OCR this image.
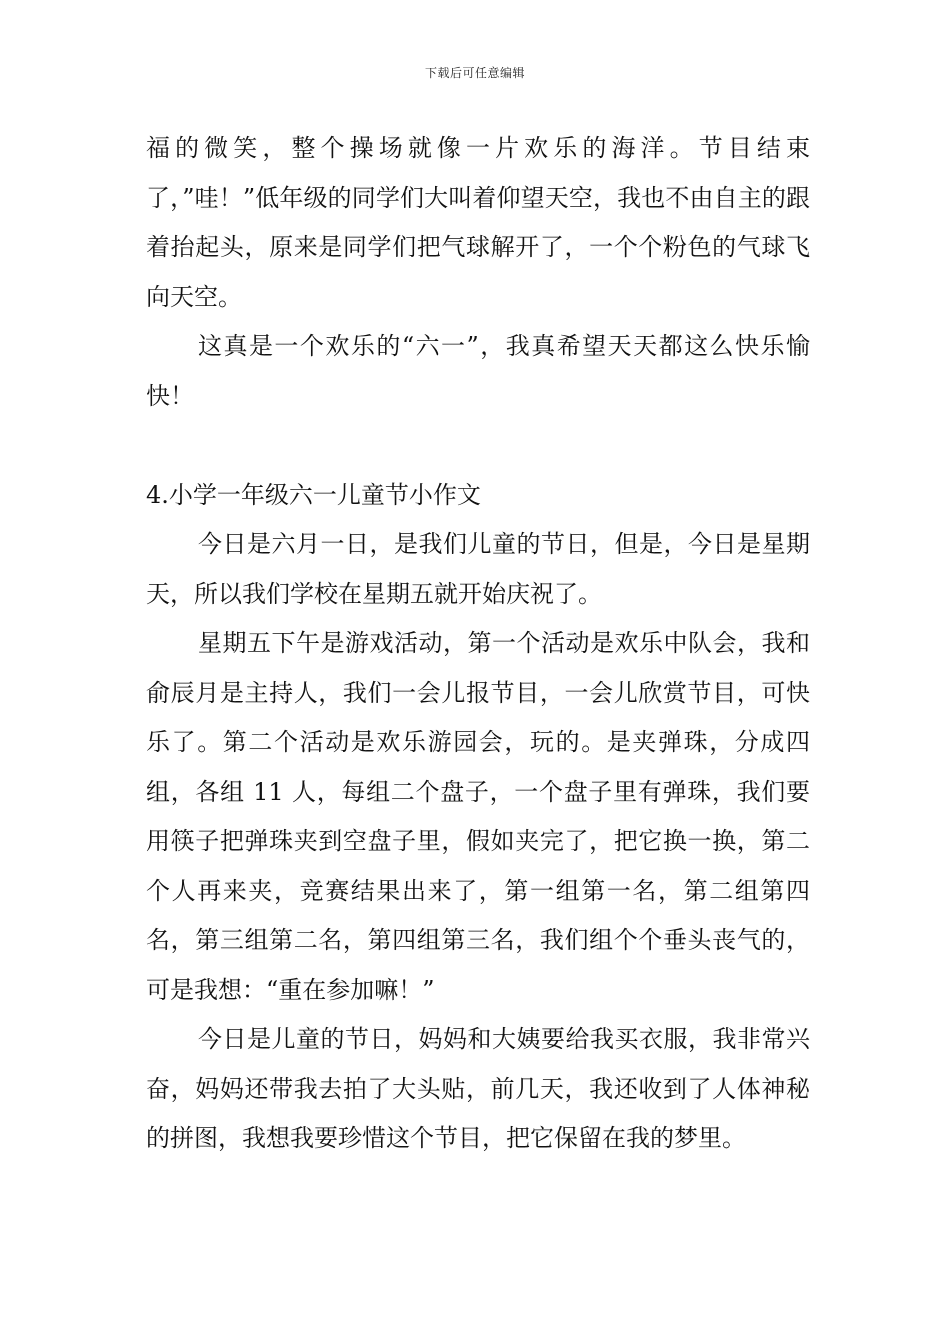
下载后可任意编辑

福的微笑，整个操场就像一片欢乐的海洋。节目结束了，”哇！”低年级的同学们大叫着仰望天空，我也不由自主的跟着抬起头，原来是同学们把气球解开了，一个个粉色的气球飞向天空。

这真是一个欢乐的“六一”，我真希望天天都这么快乐愉快！

4.小学一年级六一儿童节小作文

今日是六月一日，是我们儿童的节日，但是，今日是星期天，所以我们学校在星期五就开始庆祝了。

星期五下午是游戏活动，第一个活动是欢乐中队会，我和俞辰月是主持人，我们一会儿报节目，一会儿欣赏节目，可快乐了。第二个活动是欢乐游园会，玩的。是夹弹珠，分成四组，各组 11 人，每组二个盘子，一个盘子里有弹珠，我们要用筷子把弹珠夹到空盘子里，假如夹完了，把它换一换，第二个人再来夹，竞赛结果出来了，第一组第一名，第二组第四名，第三组第二名，第四组第三名，我们组个个垂头丧气的，可是我想：“重在参加嘛！”

今日是儿童的节日，妈妈和大姨要给我买衣服，我非常兴奋，妈妈还带我去拍了大头贴，前几天，我还收到了人体神秘的拼图，我想我要珍惜这个节目，把它保留在我的梦里。
